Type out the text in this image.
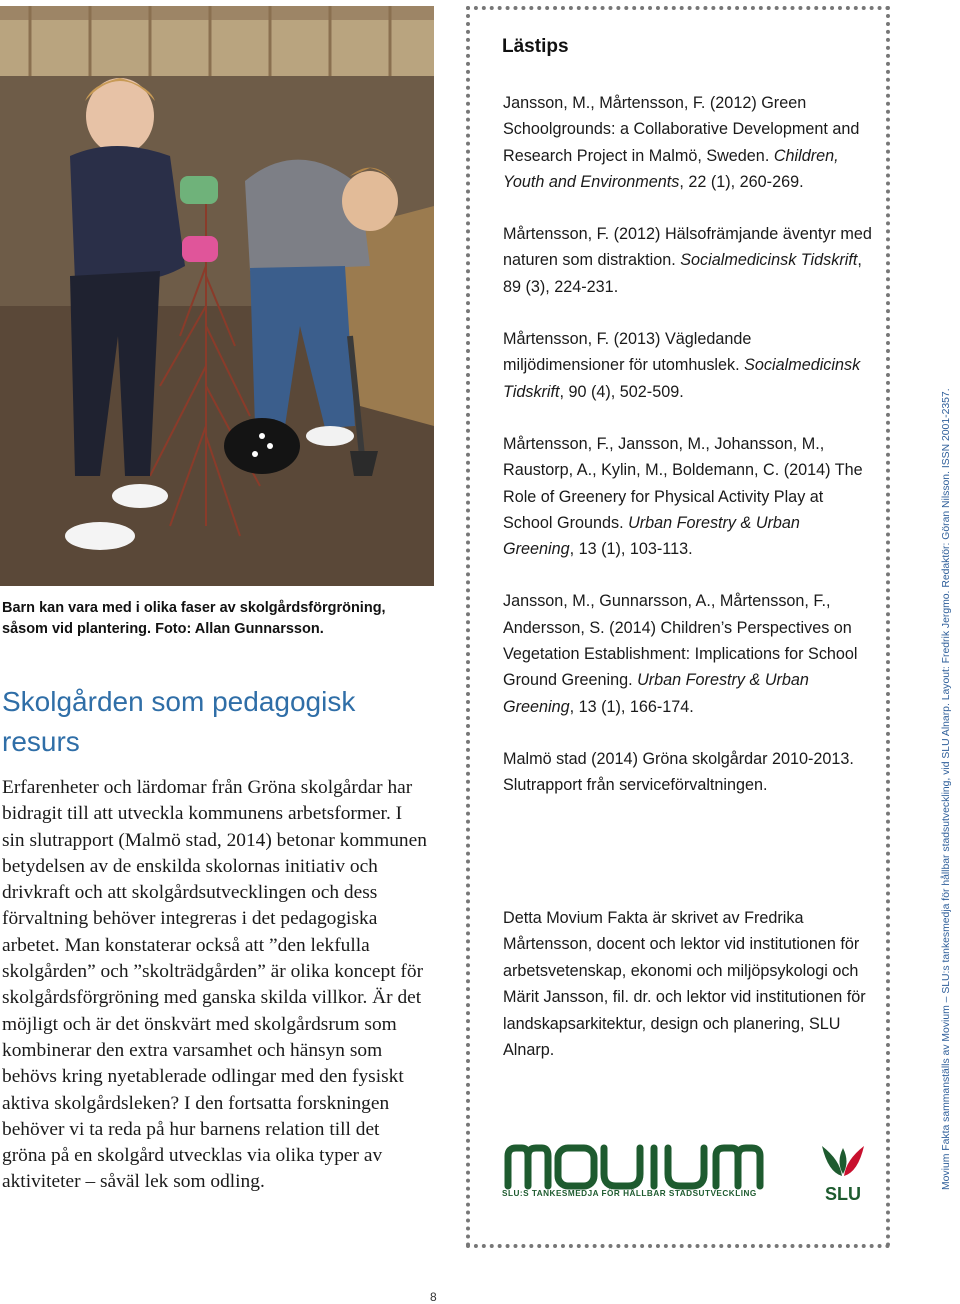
Barn kan vara med i olika faser av skolgårdsförgröning, såsom vid plantering. Foto: Allan Gunnarsson.
Skolgården som pedagogisk resurs

Erfarenheter och lärdomar från Gröna skolgårdar har bidragit till att utveckla kommunens arbetsformer. I sin slutrapport (Malmö stad, 2014) betonar kommunen betydelsen av de enskilda skolornas initiativ och drivkraft och att skolgårdsutvecklingen och dess förvaltning behöver integreras i det pedagogiska arbetet. Man konstaterar också att ”den lekfulla skolgården” och ”skolträdgården” är olika koncept för skolgårdsförgröning med ganska skilda villkor. Är det möjligt och är det önskvärt med skolgårdsrum som kombinerar den extra varsamhet och hänsyn som behövs kring nyetablerade odlingar med den fysiskt aktiva skolgårdsleken? I den fortsatta forskningen behöver vi ta reda på hur barnens relation till det gröna på en skolgård utvecklas via olika typer av aktiviteter – såväl lek som odling.

Lästips

Jansson, M., Mårtensson, F. (2012) Green Schoolgrounds: a Collaborative Development and Research Project in Malmö, Sweden. Children, Youth and Environments, 22 (1), 260-269.

Mårtensson, F. (2012) Hälsofrämjande äventyr med naturen som distraktion. Socialmedicinsk Tidskrift, 89 (3), 224-231.

Mårtensson, F. (2013) Vägledande miljödimensioner för utomhuslek. Socialmedicinsk Tidskrift, 90 (4), 502-509.

Mårtensson, F., Jansson, M., Johansson, M., Raustorp, A., Kylin, M., Boldemann, C. (2014) The Role of Greenery for Physical Activity Play at School Grounds. Urban Forestry & Urban Greening, 13 (1), 103-113.

Jansson, M., Gunnarsson, A., Mårtensson, F., Andersson, S. (2014) Children’s Perspectives on Vegetation Establishment: Implications for School Ground Greening. Urban Forestry & Urban Greening, 13 (1), 166-174.

Malmö stad (2014) Gröna skolgårdar 2010-2013. Slutrapport från serviceförvaltningen.

Detta Movium Fakta är skrivet av Fredrika Mårtensson, docent och lektor vid institutionen för arbetsvetenskap, ekonomi och miljöpsykologi och Märit Jansson, fil. dr. och lektor vid institutionen för landskapsarkitektur, design och planering, SLU Alnarp.
SLU:S TANKESMEDJA FÖR HÅLLBAR STADSUTVECKLING	SLU
Movium Fakta sammanställs av Movium – SLU:s tankesmedja för hållbar stadsutveckling, vid SLU Alnarp. Layout: Fredrik Jergmo. Redaktör: Göran Nilsson. ISSN 2001-2357.
8
